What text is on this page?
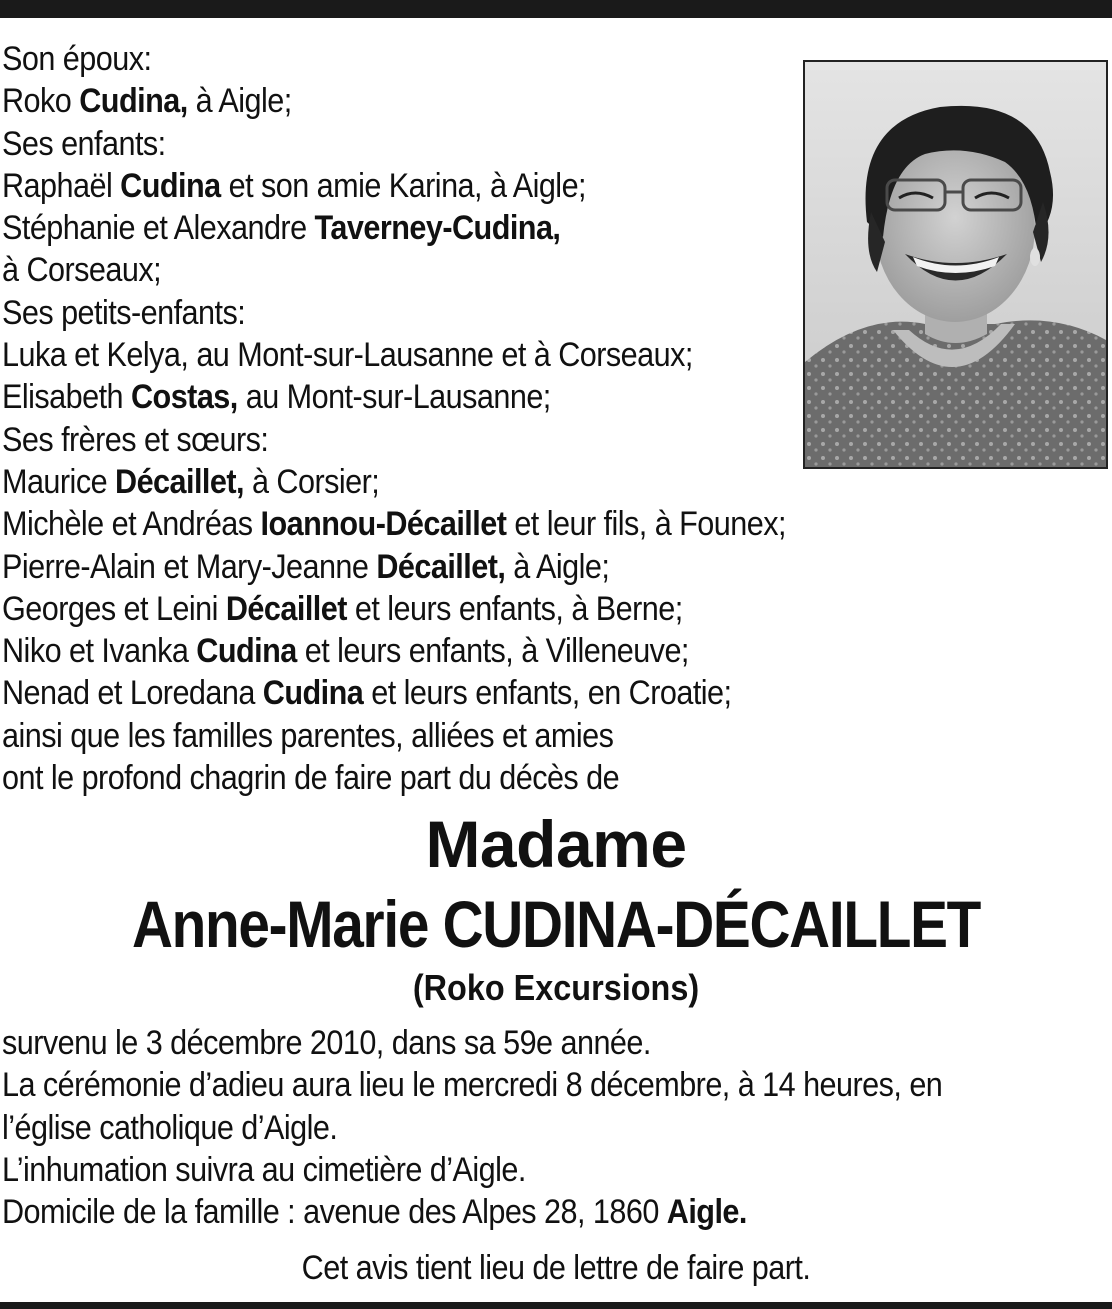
Son époux:
Roko Cudina, à Aigle;
Ses enfants:
Raphaël Cudina et son amie Karina, à Aigle;
Stéphanie et Alexandre Taverney-Cudina,
à Corseaux;
Ses petits-enfants:
Luka et Kelya, au Mont-sur-Lausanne et à Corseaux;
Elisabeth Costas, au Mont-sur-Lausanne;
Ses frères et sœurs:
Maurice Décaillet, à Corsier;
Michèle et Andréas Ioannou-Décaillet et leur fils, à Founex;
Pierre-Alain et Mary-Jeanne Décaillet, à Aigle;
Georges et Leini Décaillet et leurs enfants, à Berne;
Niko et Ivanka Cudina et leurs enfants, à Villeneuve;
Nenad et Loredana Cudina et leurs enfants, en Croatie;
ainsi que les familles parentes, alliées et amies
ont le profond chagrin de faire part du décès de
Madame
Anne-Marie CUDINA-DÉCAILLET
(Roko Excursions)
survenu le 3 décembre 2010, dans sa 59e année.
La cérémonie d’adieu aura lieu le mercredi 8 décembre, à 14 heures, en
l’église catholique d’Aigle.
L’inhumation suivra au cimetière d’Aigle.
Domicile de la famille : avenue des Alpes 28, 1860 Aigle.
Cet avis tient lieu de lettre de faire part.
